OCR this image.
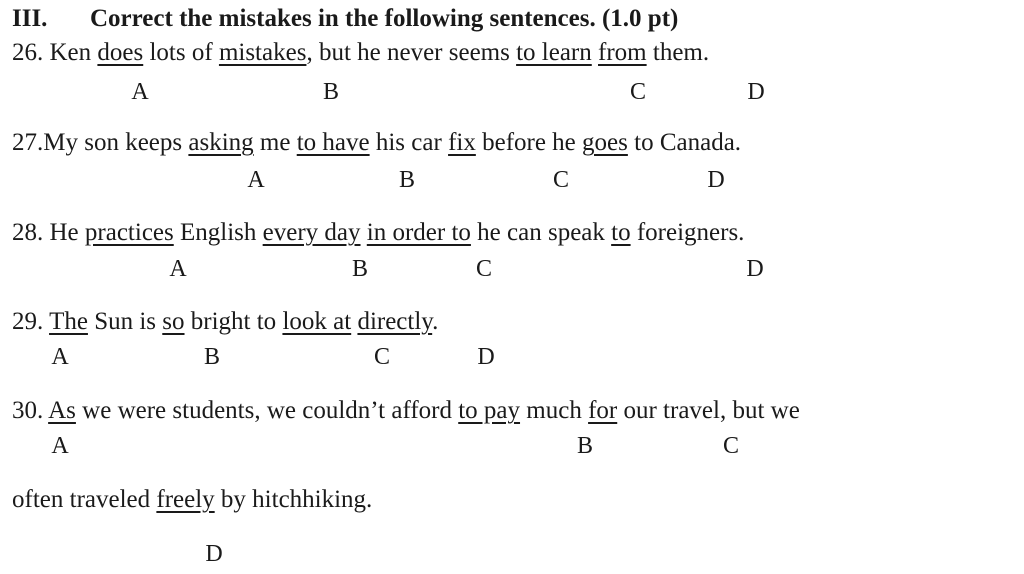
III. Correct the mistakes in the following sentences. (1.0 pt)
26. Ken does lots of mistakes, but he never seems to learn from them.
A	B	C	D
27.My son keeps asking me to have his car fix before he goes to Canada.
A	B	C	D
28. He practices English every day in order to he can speak to foreigners.
A	B	C	D
29. The Sun is so bright to look at directly.
A	B	C	D
30. As we were students, we couldn’t afford to pay much for our travel, but we
A	B	C
often traveled freely by hitchhiking.
D
